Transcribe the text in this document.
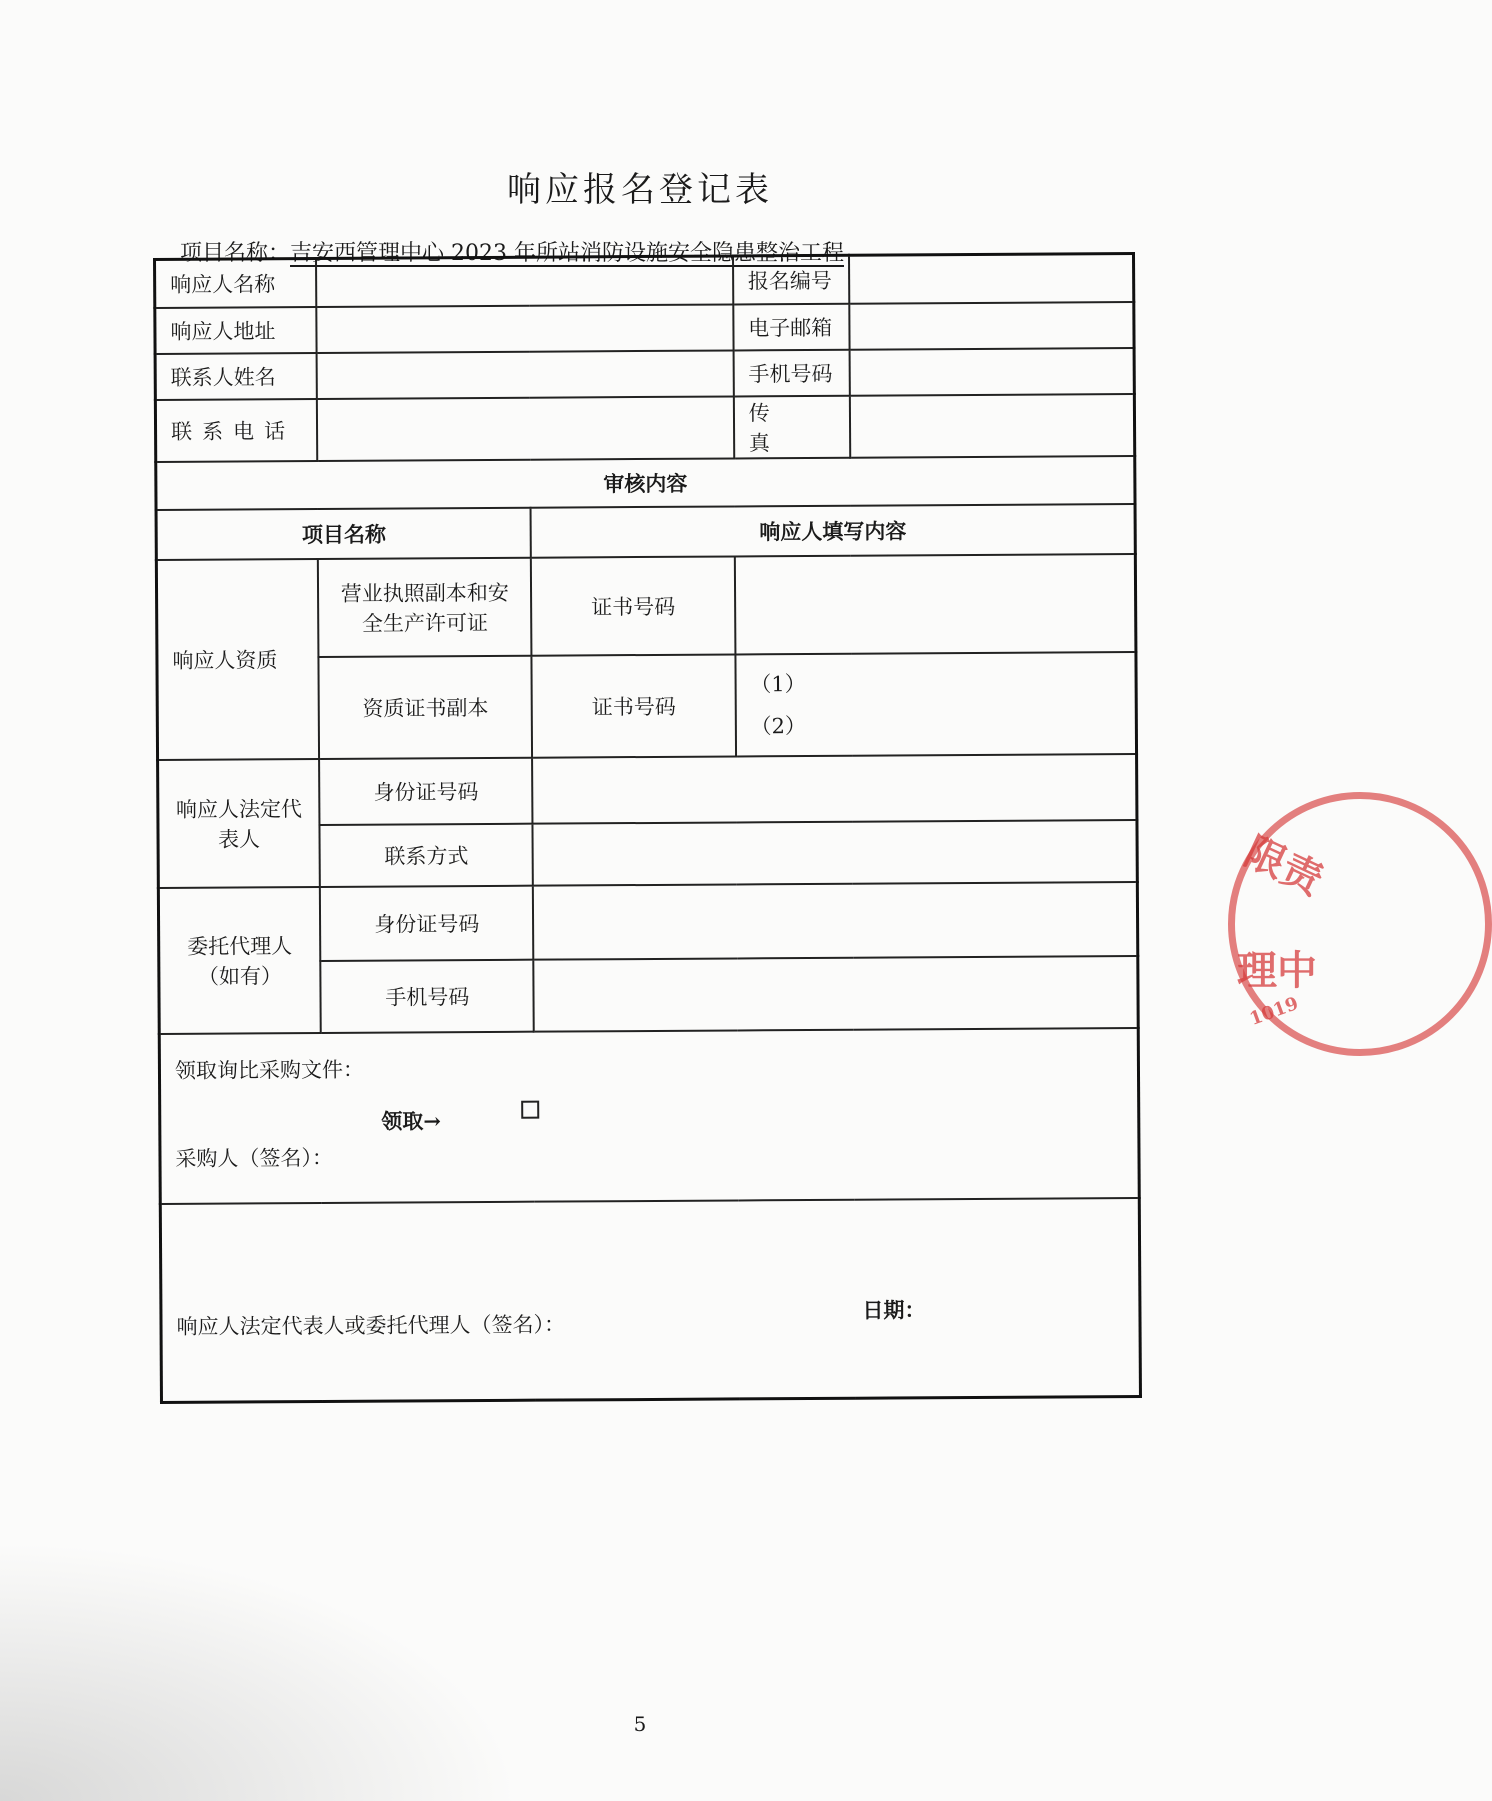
响应报名登记表
项目名称：吉安西管理中心 2023 年所站消防设施安全隐患整治工程
响应人名称			报名编号	
响应人地址			电子邮箱	
联系人姓名			手机号码	
联系电话			传真	
审核内容				
项目名称		响应人填写内容		
响应人资质	营业执照副本和安全生产许可证	证书号码		
	资质证书副本	证书号码	（1）
（2）	

响应人法定代表人	身份证号码			
	联系方式			
委托代理人（如有）	身份证号码			
	手机号码			

领取询比采购文件：
领取→
采购人（签名）：				

响应人法定代表人或委托代理人（签名）：
日期：				
限责
理中
1019
5
